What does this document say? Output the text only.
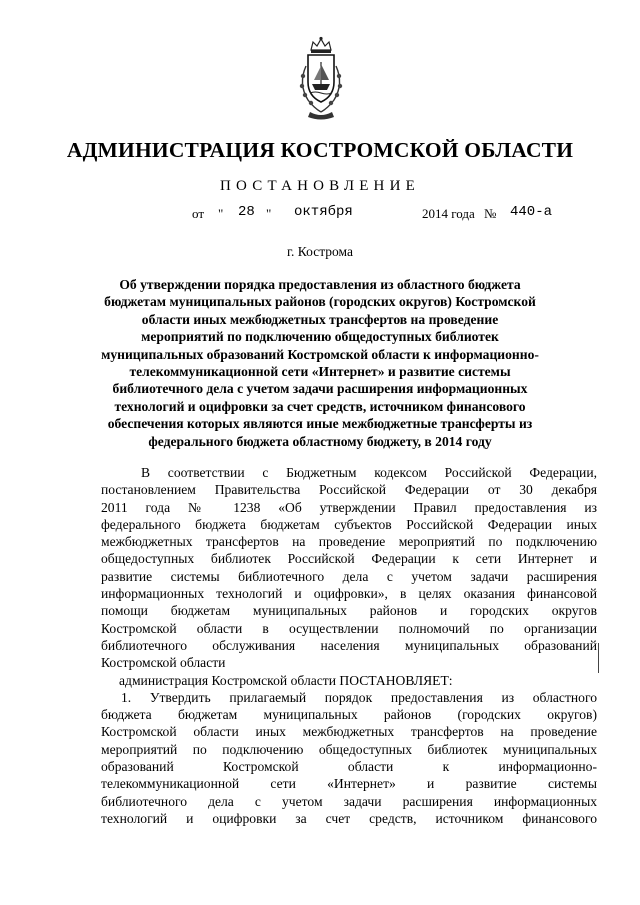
АДМИНИСТРАЦИЯ КОСТРОМСКОЙ ОБЛАСТИ
ПОСТАНОВЛЕНИЕ
от " 28 " октября	2014 года № 440-а
г. Кострома
Об утверждении порядка предоставления из областного бюджета
бюджетам муниципальных районов (городских округов) Костромской
области иных межбюджетных трансфертов на проведение
мероприятий по подключению общедоступных библиотек
муниципальных образований Костромской области к информационно-
телекоммуникационной сети «Интернет» и развитие системы
библиотечного дела с учетом задачи расширения информационных
технологий и оцифровки за счет средств, источником финансового
обеспечения которых являются иные межбюджетные трансферты из
федерального бюджета областному бюджету, в 2014 году
В соответствии с Бюджетным кодексом Российской Федерации,
постановлением Правительства Российской Федерации от 30 декабря
2011 года № 1238 «Об утверждении Правил предоставления из
федерального бюджета бюджетам субъектов Российской Федерации иных
межбюджетных трансфертов на проведение мероприятий по подключению
общедоступных библиотек Российской Федерации к сети Интернет и
развитие системы библиотечного дела с учетом задачи расширения
информационных технологий и оцифровки», в целях оказания финансовой
помощи бюджетам муниципальных районов и городских округов
Костромской области в осуществлении полномочий по организации
библиотечного обслуживания населения муниципальных образований
Костромской области
администрация Костромской области ПОСТАНОВЛЯЕТ:
1. Утвердить прилагаемый порядок предоставления из областного
бюджета бюджетам муниципальных районов (городских округов)
Костромской области иных межбюджетных трансфертов на проведение
мероприятий по подключению общедоступных библиотек муниципальных
образований Костромской области к информационно-
телекоммуникационной сети «Интернет» и развитие системы
библиотечного дела с учетом задачи расширения информационных
технологий и оцифровки за счет средств, источником финансового
